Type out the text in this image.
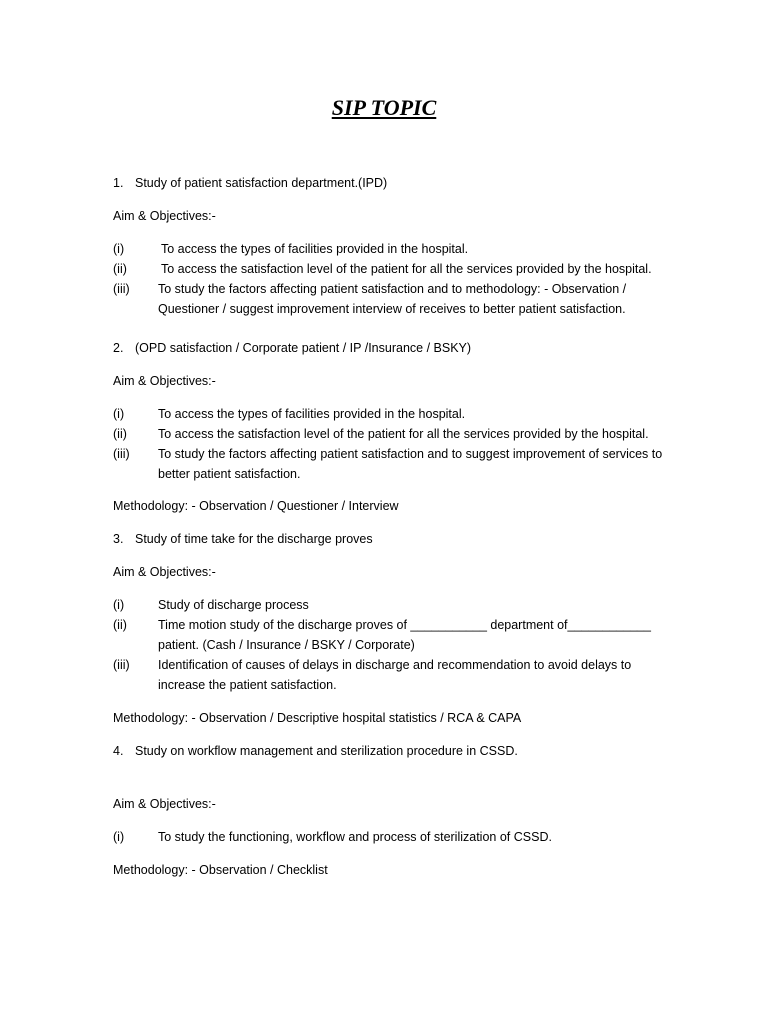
SIP TOPIC
1. Study of patient satisfaction department.(IPD)
Aim & Objectives:-
(i)	To access the types of facilities provided in the hospital.
(ii)	To access the satisfaction level of the patient for all the services provided by the hospital.
(iii) To study the factors affecting patient satisfaction and to methodology: - Observation / Questioner / suggest improvement interview of receives to better patient satisfaction.
2. (OPD satisfaction / Corporate patient / IP /Insurance / BSKY)
Aim & Objectives:-
(i)	To access the types of facilities provided in the hospital.
(ii) To access the satisfaction level of the patient for all the services provided by the hospital.
(iii) To study the factors affecting patient satisfaction and to suggest improvement of services to better patient satisfaction.
Methodology: - Observation / Questioner / Interview
3. Study of time take for the discharge proves
Aim & Objectives:-
(i)	Study of discharge process
(ii) Time motion study of the discharge proves of ___________ department of____________ patient. (Cash / Insurance / BSKY / Corporate)
(iii) Identification of causes of delays in discharge and recommendation to avoid delays to increase the patient satisfaction.
Methodology: - Observation / Descriptive hospital statistics / RCA & CAPA
4. Study on workflow management and sterilization procedure in CSSD.
Aim & Objectives:-
(i)	To study the functioning, workflow and process of sterilization of CSSD.
Methodology: - Observation / Checklist
